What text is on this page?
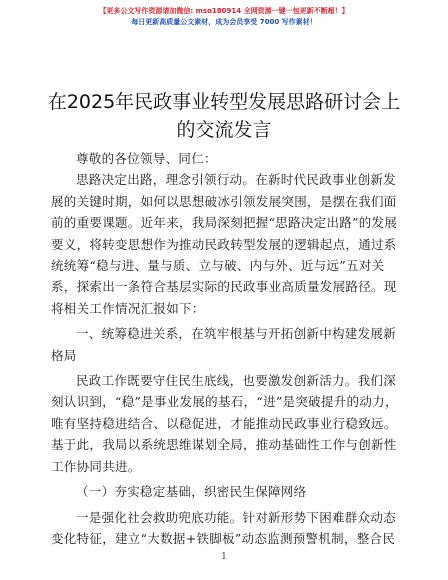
【更多公文写作资源请加微信: mso180914 全网资源一键一包更新不断超！】
每日更新高质量公文素材，成为会员享受 7000 写作素材！
在2025年民政事业转型发展思路研讨会上的交流发言

尊敬的各位领导、同仁：

思路决定出路，理念引领行动。在新时代民政事业创新发展的关键时期，如何以思想破冰引领发展突围，是摆在我们面前的重要课题。近年来，我局深刻把握“思路决定出路”的发展要义，将转变思想作为推动民政转型发展的逻辑起点，通过系统统筹“稳与进、量与质、立与破、内与外、近与远”五对关系，探索出一条符合基层实际的民政事业高质量发展路径。现将相关工作情况汇报如下：

一、统筹稳进关系，在筑牢根基与开拓创新中构建发展新格局

民政工作既要守住民生底线，也要激发创新活力。我们深刻认识到，“稳”是事业发展的基石，“进”是突破提升的动力，唯有坚持稳进结合、以稳促进，才能推动民政事业行稳致远。基于此，我局以系统思维谋划全局，推动基础性工作与创新性工作协同共进。

（一）夯实稳定基础，织密民生保障网络

一是强化社会救助兜底功能。针对新形势下困难群众动态变化特征，建立“大数据+铁脚板”动态监测预警机制，整合民

1
